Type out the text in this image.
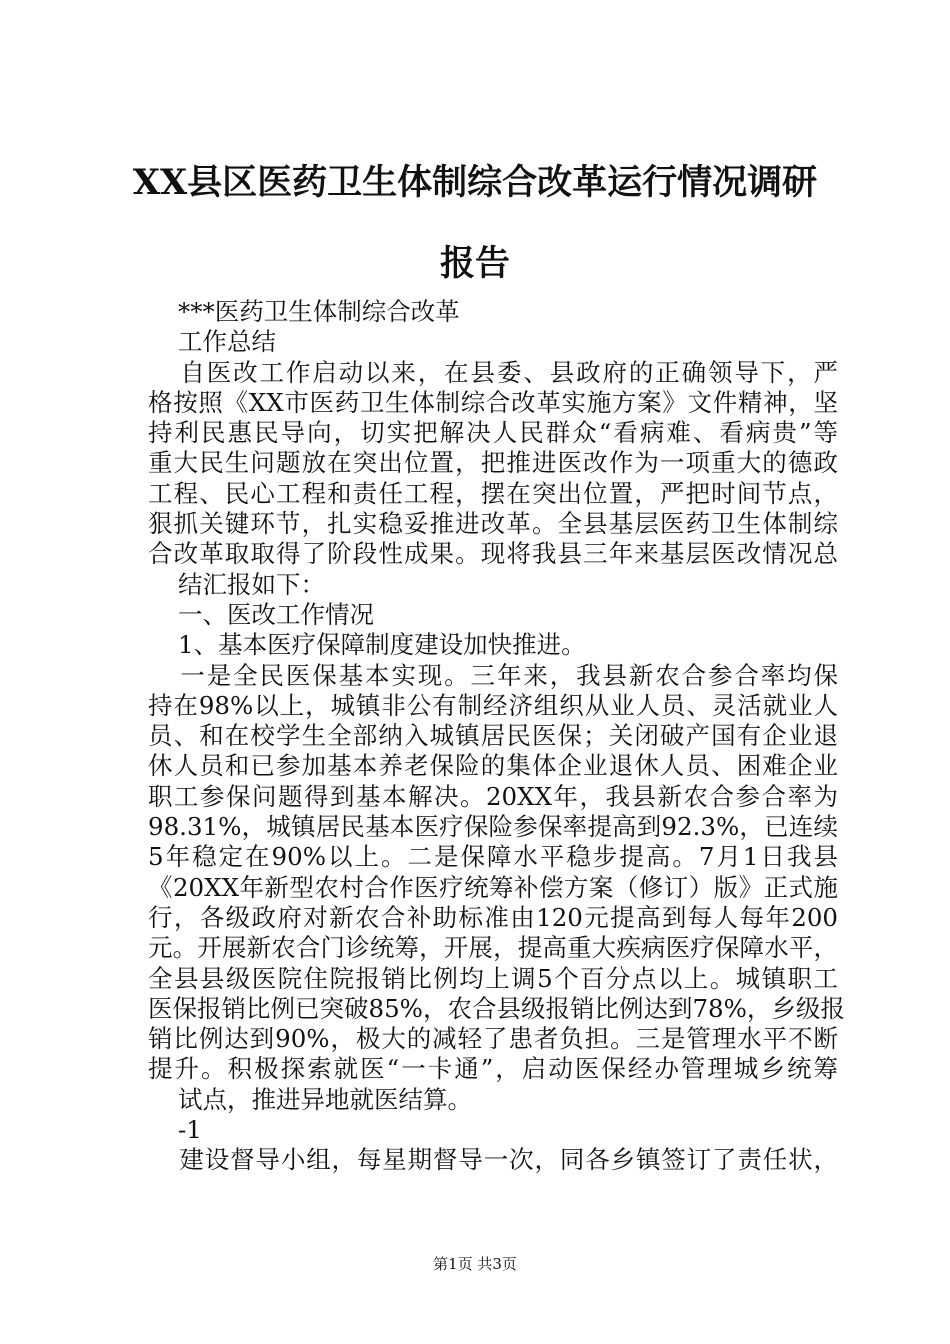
XX县区医药卫生体制综合改革运行情况调研
报告
***医药卫生体制综合改革
工作总结
　自医改工作启动以来，在县委、县政府的正确领导下，严
格按照《XX市医药卫生体制综合改革实施方案》文件精神，坚
持利民惠民导向，切实把解决人民群众“看病难、看病贵”等
重大民生问题放在突出位置，把推进医改作为一项重大的德政
工程、民心工程和责任工程，摆在突出位置，严把时间节点，
狠抓关键环节，扎实稳妥推进改革。全县基层医药卫生体制综
合改革取取得了阶段性成果。现将我县三年来基层医改情况总
结汇报如下：
一、医改工作情况
1、基本医疗保障制度建设加快推进。
　一是全民医保基本实现。三年来，我县新农合参合率均保
持在98%以上，城镇非公有制经济组织从业人员、灵活就业人
员、和在校学生全部纳入城镇居民医保；关闭破产国有企业退
休人员和已参加基本养老保险的集体企业退休人员、困难企业
职工参保问题得到基本解决。20XX年，我县新农合参合率为
98.31%，城镇居民基本医疗保险参保率提高到92.3%，已连续
5年稳定在90%以上。二是保障水平稳步提高。7月1日我县
《20XX年新型农村合作医疗统筹补偿方案（修订）版》正式施
行，各级政府对新农合补助标准由120元提高到每人每年200
元。开展新农合门诊统筹，开展，提高重大疾病医疗保障水平，
全县县级医院住院报销比例均上调5个百分点以上。城镇职工
医保报销比例已突破85%，农合县级报销比例达到78%，乡级报
销比例达到90%，极大的减轻了患者负担。三是管理水平不断
提升。积极探索就医“一卡通”，启动医保经办管理城乡统筹
试点，推进异地就医结算。
-1
　建设督导小组，每星期督导一次，同各乡镇签订了责任状，
第1页 共3页
